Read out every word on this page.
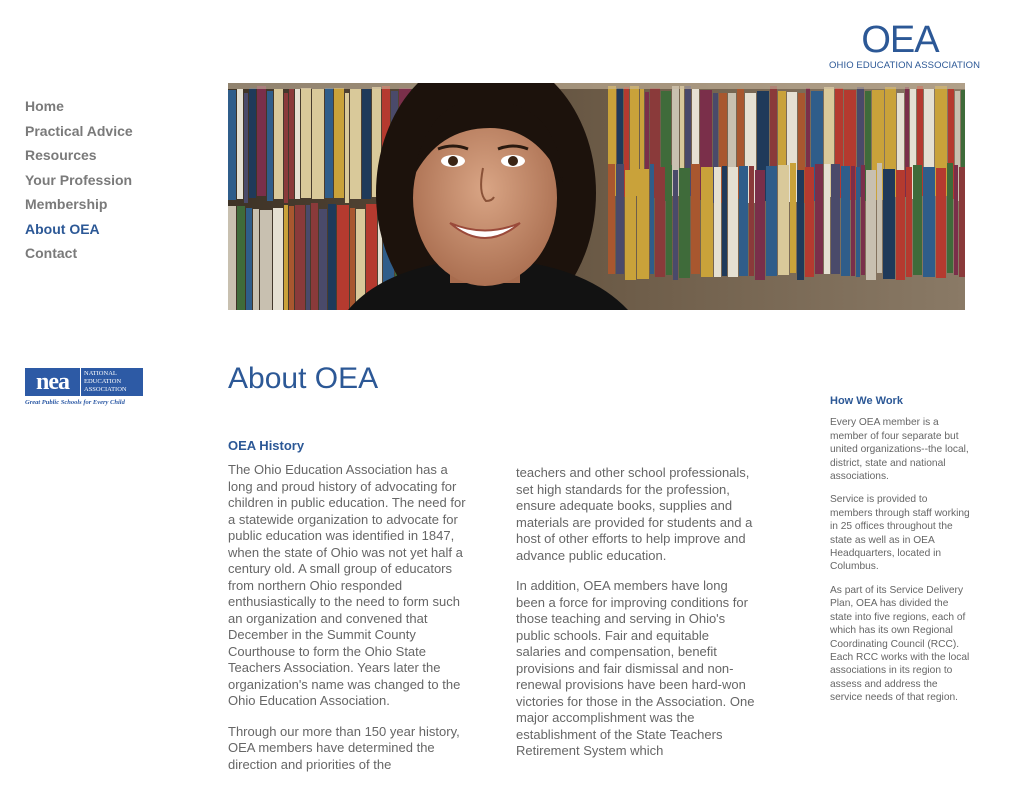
OEA
OHIO EDUCATION ASSOCIATION
Home
Practical Advice
Resources
Your Profession
Membership
About OEA
Contact
nea	NATIONAL EDUCATION ASSOCIATION
Great Public Schools for Every Child
About OEA
OEA History

The Ohio Education Association has a long and proud history of advocating for children in public education. The need for a statewide organization to advocate for public education was identified in 1847, when the state of Ohio was not yet half a century old. A small group of educators from northern Ohio responded enthusiastically to the need to form such an organization and convened that December in the Summit County Courthouse to form the Ohio State Teachers Association. Years later the organization's name was changed to the Ohio Education Association.

Through our more than 150 year history, OEA members have determined the direction and priorities of the

teachers and other school professionals, set high standards for the profession, ensure adequate books, supplies and materials are provided for students and a host of other efforts to help improve and advance public education.

In addition, OEA members have long been a force for improving conditions for those teaching and serving in Ohio's public schools. Fair and equitable salaries and compensation, benefit provisions and fair dismissal and non-renewal provisions have been hard-won victories for those in the Association. One major accomplishment was the establishment of the State Teachers Retirement System which

How We Work

Every OEA member is a member of four separate but united organizations--the local, district, state and national associations.

Service is provided to members through staff working in 25 offices throughout the state as well as in OEA Headquarters, located in Columbus.

As part of its Service Delivery Plan, OEA has divided the state into five regions, each of which has its own Regional Coordinating Council (RCC). Each RCC works with the local associations in its region to assess and address the service needs of that region.
